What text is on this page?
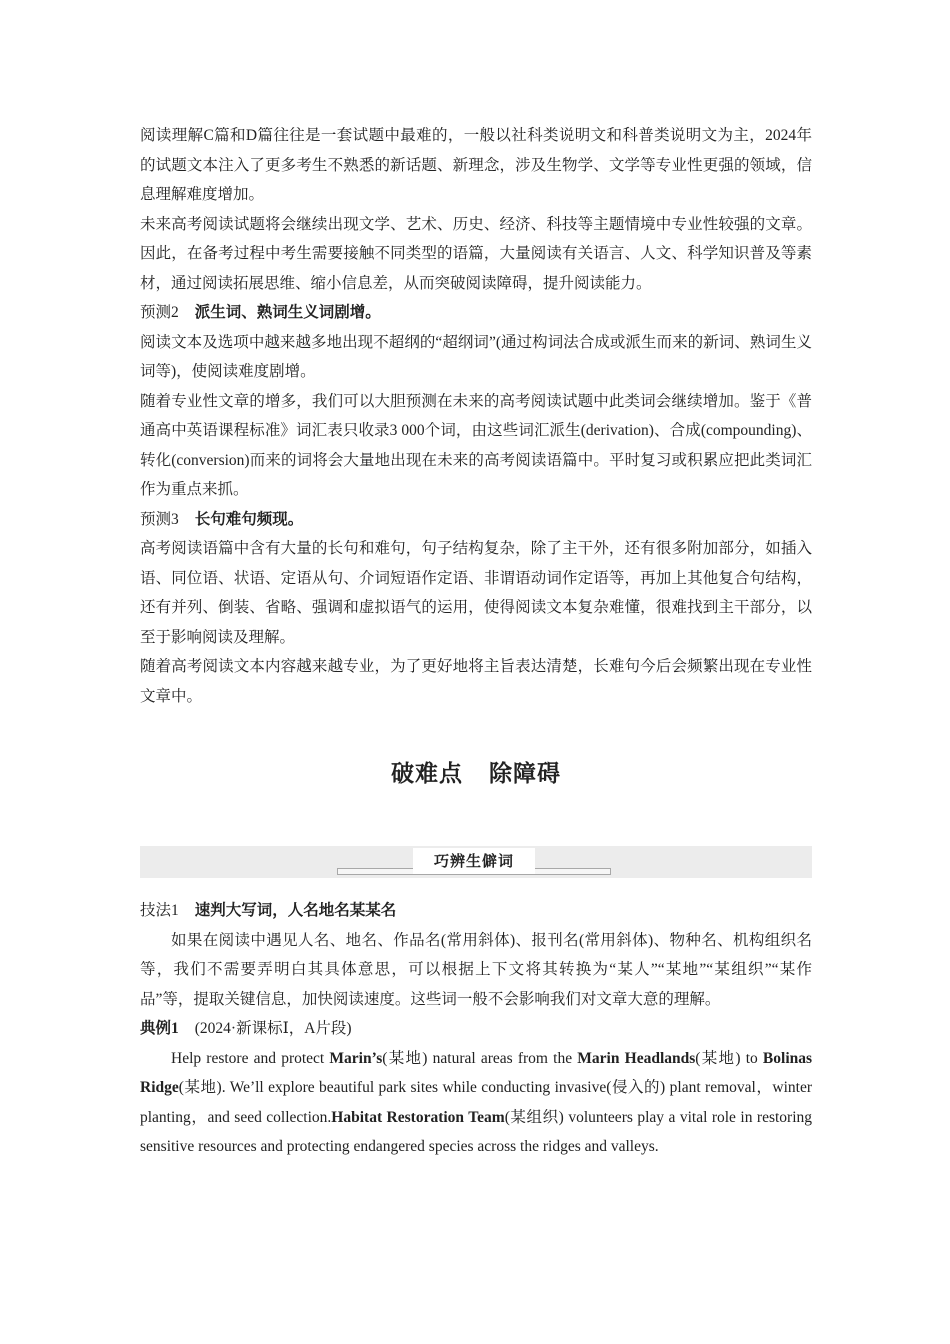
阅读理解C篇和D篇往往是一套试题中最难的，一般以社科类说明文和科普类说明文为主，2024年的试题文本注入了更多考生不熟悉的新话题、新理念，涉及生物学、文学等专业性更强的领域，信息理解难度增加。

未来高考阅读试题将会继续出现文学、艺术、历史、经济、科技等主题情境中专业性较强的文章。因此，在备考过程中考生需要接触不同类型的语篇，大量阅读有关语言、人文、科学知识普及等素材，通过阅读拓展思维、缩小信息差，从而突破阅读障碍，提升阅读能力。

预测2 派生词、熟词生义词剧增。

阅读文本及选项中越来越多地出现不超纲的“超纲词”(通过构词法合成或派生而来的新词、熟词生义词等)，使阅读难度剧增。

随着专业性文章的增多，我们可以大胆预测在未来的高考阅读试题中此类词会继续增加。鉴于《普通高中英语课程标准》词汇表只收录3 000个词，由这些词汇派生(derivation)、合成(compounding)、转化(conversion)而来的词将会大量地出现在未来的高考阅读语篇中。平时复习或积累应把此类词汇作为重点来抓。

预测3 长句难句频现。

高考阅读语篇中含有大量的长句和难句，句子结构复杂，除了主干外，还有很多附加部分，如插入语、同位语、状语、定语从句、介词短语作定语、非谓语动词作定语等，再加上其他复合句结构，还有并列、倒装、省略、强调和虚拟语气的运用，使得阅读文本复杂难懂，很难找到主干部分，以至于影响阅读及理解。

随着高考阅读文本内容越来越专业，为了更好地将主旨表达清楚，长难句今后会频繁出现在专业性文章中。

破难点 除障碍
巧辨生僻词

技法1 速判大写词，人名地名某某名

如果在阅读中遇见人名、地名、作品名(常用斜体)、报刊名(常用斜体)、物种名、机构组织名等，我们不需要弄明白其具体意思，可以根据上下文将其转换为“某人”“某地”“某组织”“某作品”等，提取关键信息，加快阅读速度。这些词一般不会影响我们对文章大意的理解。

典例1 (2024·新课标Ⅰ，A片段)

Help restore and protect Marin’s(某地) natural areas from the Marin Headlands(某地) to Bolinas Ridge(某地). We’ll explore beautiful park sites while conducting invasive(侵入的) plant removal，winter planting，and seed collection.Habitat Restoration Team(某组织) volunteers play a vital role in restoring sensitive resources and protecting endangered species across the ridges and valleys.
